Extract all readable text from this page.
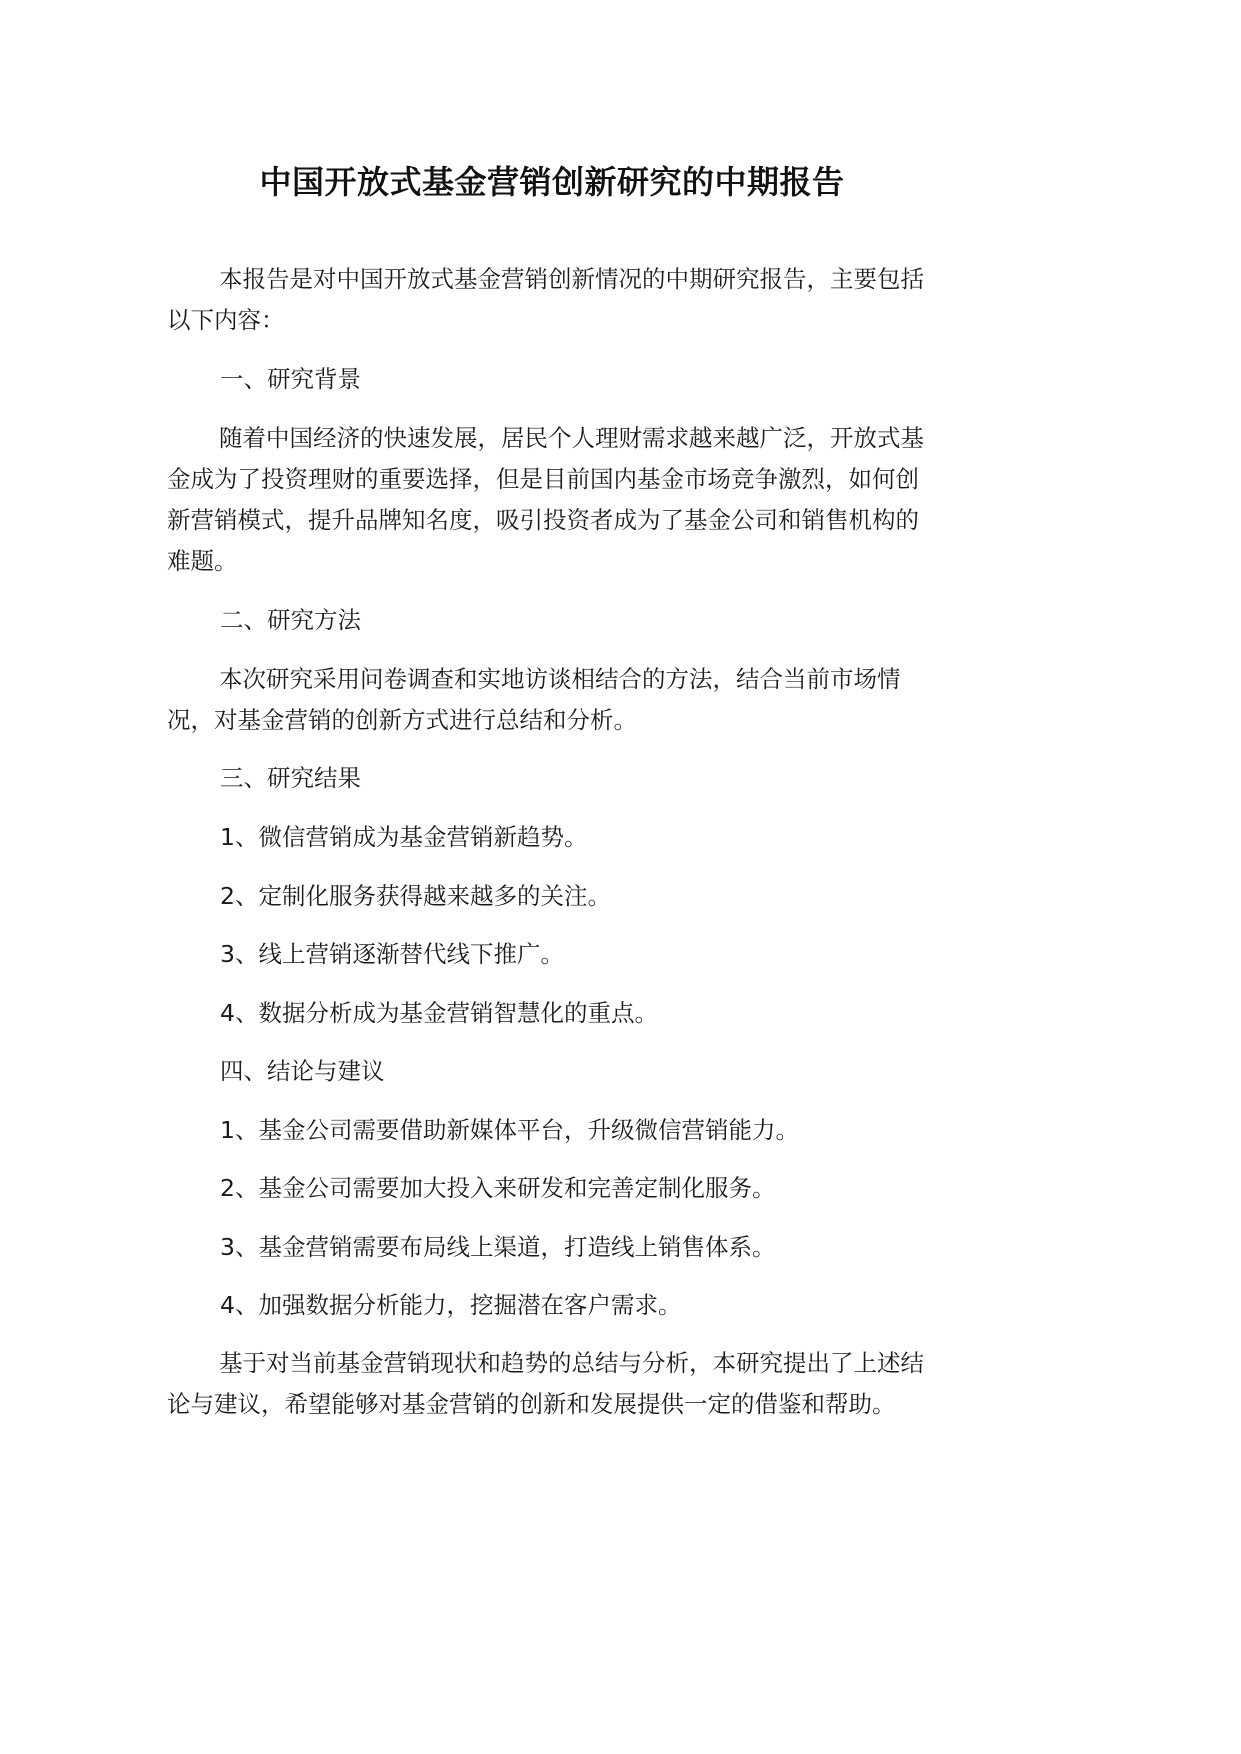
中国开放式基金营销创新研究的中期报告

本报告是对中国开放式基金营销创新情况的中期研究报告，主要包括以下内容：

一、研究背景

随着中国经济的快速发展，居民个人理财需求越来越广泛，开放式基金成为了投资理财的重要选择，但是目前国内基金市场竞争激烈，如何创新营销模式，提升品牌知名度，吸引投资者成为了基金公司和销售机构的难题。

二、研究方法

本次研究采用问卷调查和实地访谈相结合的方法，结合当前市场情况，对基金营销的创新方式进行总结和分析。

三、研究结果

1、微信营销成为基金营销新趋势。

2、定制化服务获得越来越多的关注。

3、线上营销逐渐替代线下推广。

4、数据分析成为基金营销智慧化的重点。

四、结论与建议

1、基金公司需要借助新媒体平台，升级微信营销能力。

2、基金公司需要加大投入来研发和完善定制化服务。

3、基金营销需要布局线上渠道，打造线上销售体系。

4、加强数据分析能力，挖掘潜在客户需求。

基于对当前基金营销现状和趋势的总结与分析，本研究提出了上述结论与建议，希望能够对基金营销的创新和发展提供一定的借鉴和帮助。
